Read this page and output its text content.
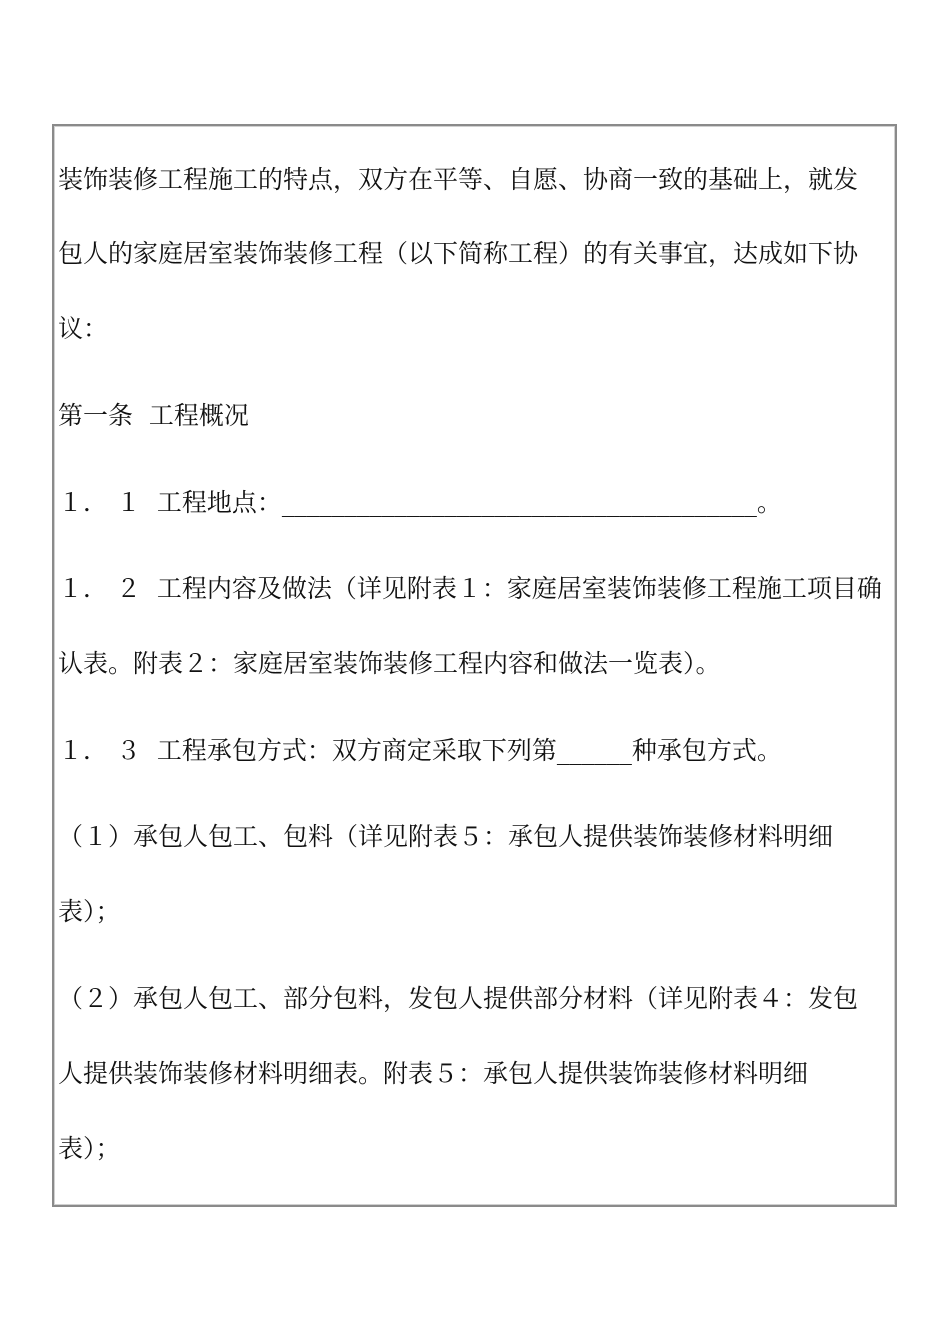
装饰装修工程施工的特点，双方在平等、自愿、协商一致的基础上，就发
包人的家庭居室装饰装修工程（以下简称工程）的有关事宜，达成如下协
议：
第一条  工程概况
１． １  工程地点：______________________________________。
１． ２  工程内容及做法（详见附表１：家庭居室装饰装修工程施工项目确
认表。附表２：家庭居室装饰装修工程内容和做法一览表）。
１． ３  工程承包方式：双方商定采取下列第______种承包方式。
（１）承包人包工、包料（详见附表５：承包人提供装饰装修材料明细
表）；
（２）承包人包工、部分包料，发包人提供部分材料（详见附表４：发包
人提供装饰装修材料明细表。附表５：承包人提供装饰装修材料明细
表）；
